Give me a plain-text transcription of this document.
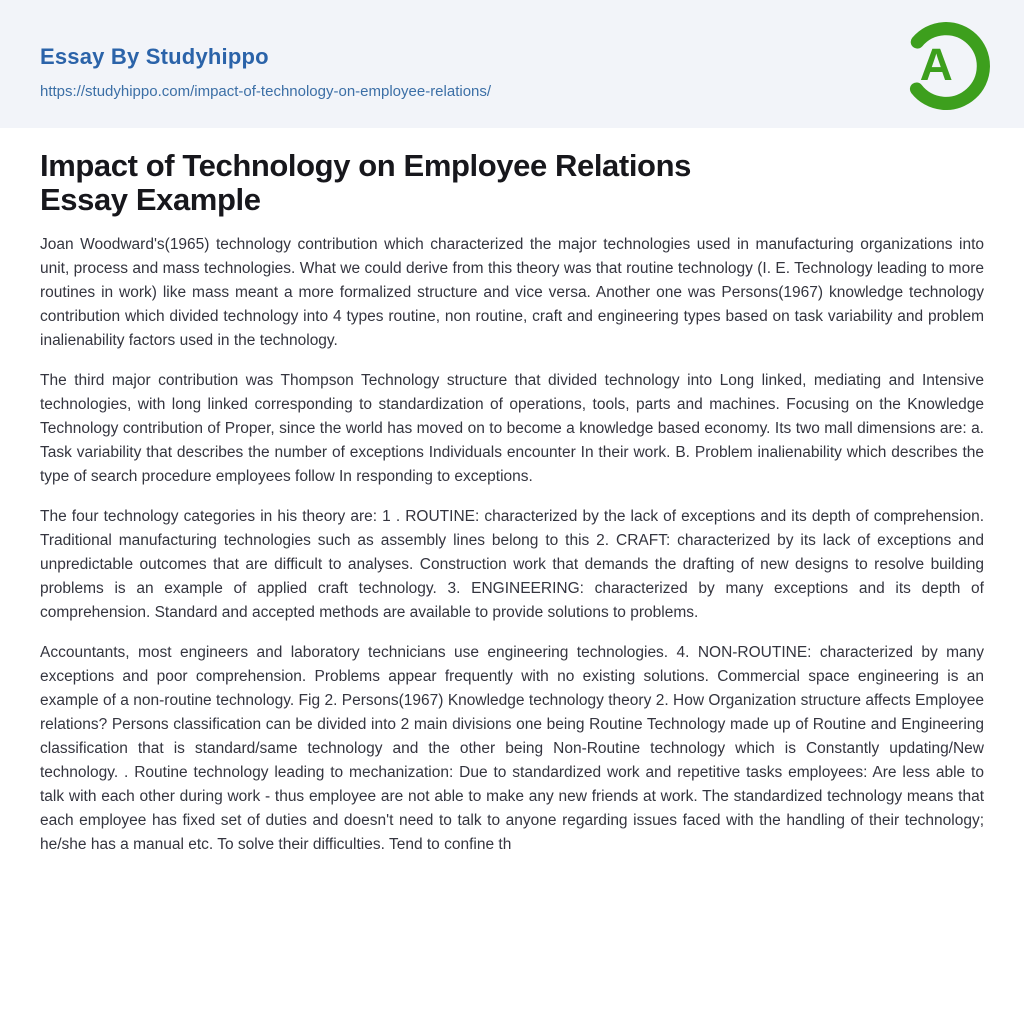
Essay By Studyhippo
https://studyhippo.com/impact-of-technology-on-employee-relations/
A
Impact of Technology on Employee Relations
Essay Example

Joan Woodward's(1965) technology contribution which characterized the major technologies used in manufacturing organizations into unit, process and mass technologies. What we could derive from this theory was that routine technology (I. E. Technology leading to more routines in work) like mass meant a more formalized structure and vice versa. Another one was Persons(1967) knowledge technology contribution which divided technology into 4 types routine, non routine, craft and engineering types based on task variability and problem inalienability factors used in the technology.

The third major contribution was Thompson Technology structure that divided technology into Long linked, mediating and Intensive technologies, with long linked corresponding to standardization of operations, tools, parts and machines. Focusing on the Knowledge Technology contribution of Proper, since the world has moved on to become a knowledge based economy. Its two mall dimensions are: a. Task variability that describes the number of exceptions Individuals encounter In their work. B. Problem inalienability which describes the type of search procedure employees follow In responding to exceptions.

The four technology categories in his theory are: 1 . ROUTINE: characterized by the lack of exceptions and its depth of comprehension. Traditional manufacturing technologies such as assembly lines belong to this 2. CRAFT: characterized by its lack of exceptions and unpredictable outcomes that are difficult to analyses. Construction work that demands the drafting of new designs to resolve building problems is an example of applied craft technology. 3. ENGINEERING: characterized by many exceptions and its depth of comprehension. Standard and accepted methods are available to provide solutions to problems.

Accountants, most engineers and laboratory technicians use engineering technologies. 4. NON-ROUTINE: characterized by many exceptions and poor comprehension. Problems appear frequently with no existing solutions. Commercial space engineering is an example of a non-routine technology. Fig 2. Persons(1967) Knowledge technology theory 2. How Organization structure affects Employee relations? Persons classification can be divided into 2 main divisions one being Routine Technology made up of Routine and Engineering classification that is standard/same technology and the other being Non-Routine technology which is Constantly updating/New technology. . Routine technology leading to mechanization: Due to standardized work and repetitive tasks employees: Are less able to talk with each other during work - thus employee are not able to make any new friends at work. The standardized technology means that each employee has fixed set of duties and doesn't need to talk to anyone regarding issues faced with the handling of their technology; he/she has a manual etc. To solve their difficulties. Tend to confine th
